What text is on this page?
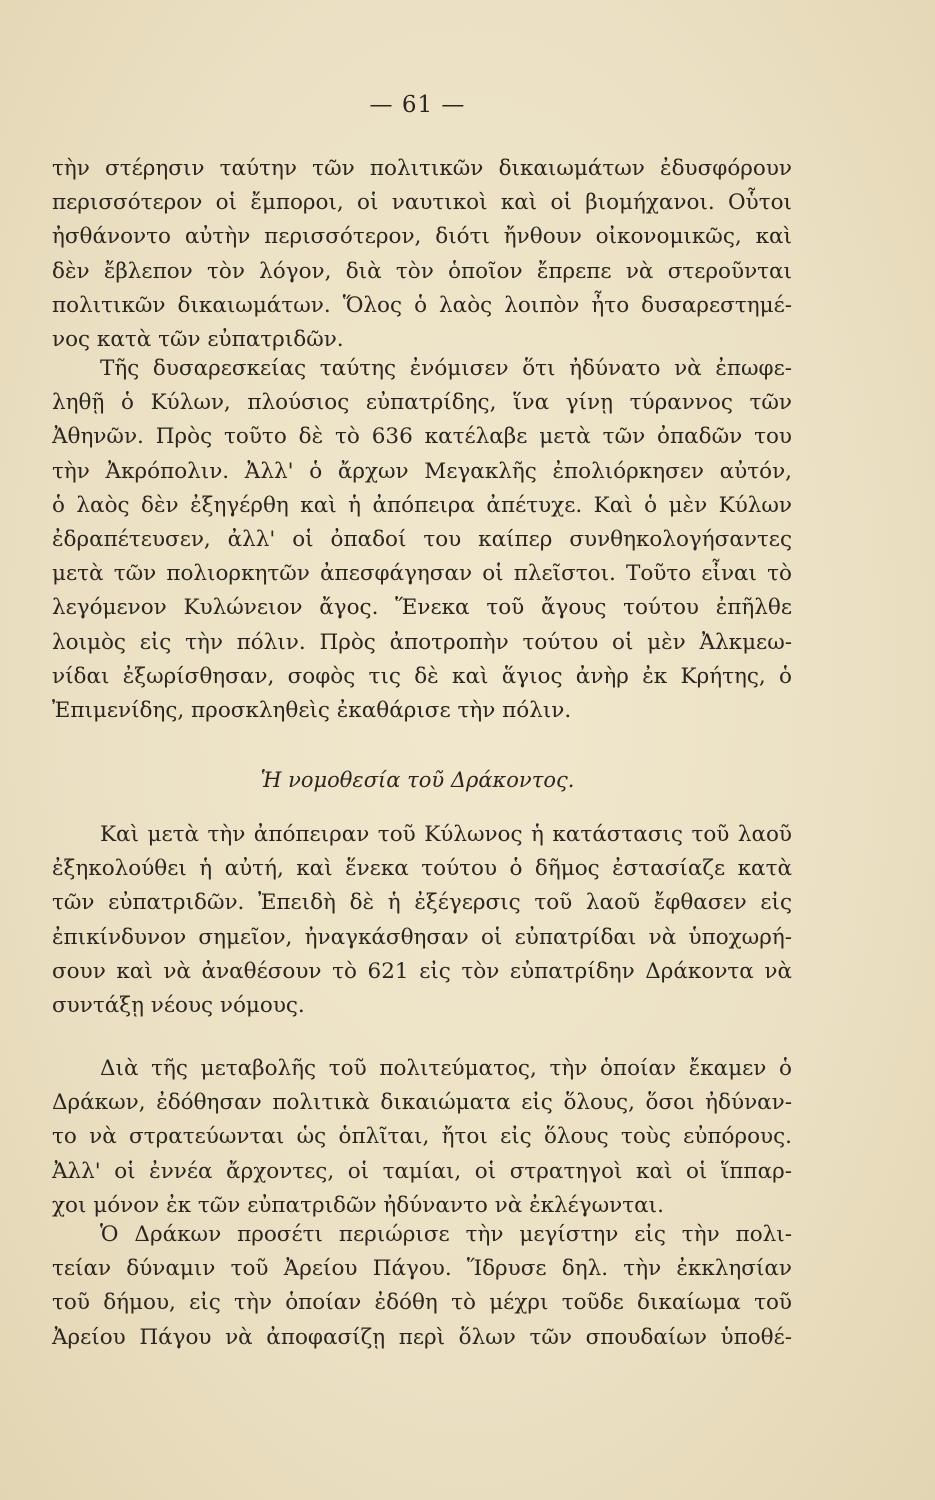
— 61 —
τὴν στέρησιν ταύτην τῶν πολιτικῶν δικαιωμάτων ἐδυσφόρουν
περισσότερον οἱ ἔμποροι, οἱ ναυτικοὶ καὶ οἱ βιομήχανοι. Οὗτοι
ἠσθάνοντο αὐτὴν περισσότερον, διότι ἤνθουν οἰκονομικῶς, καὶ
δὲν ἔβλεπον τὸν λόγον, διὰ τὸν ὁποῖον ἔπρεπε νὰ στεροῦνται
πολιτικῶν δικαιωμάτων. Ὅλος ὁ λαὸς λοιπὸν ἦτο δυσαρεστημέ-
νος κατὰ τῶν εὐπατριδῶν.
Τῆς δυσαρεσκείας ταύτης ἐνόμισεν ὅτι ἠδύνατο νὰ ἐπωφε-
ληθῇ ὁ Κύλων, πλούσιος εὐπατρίδης, ἵνα γίνῃ τύραννος τῶν
Ἀθηνῶν. Πρὸς τοῦτο δὲ τὸ 636 κατέλαβε μετὰ τῶν ὀπαδῶν του
τὴν Ἀκρόπολιν. Ἀλλ' ὁ ἄρχων Μεγακλῆς ἐπολιόρκησεν αὐτόν,
ὁ λαὸς δὲν ἐξηγέρθη καὶ ἡ ἀπόπειρα ἀπέτυχε. Καὶ ὁ μὲν Κύλων
ἐδραπέτευσεν, ἀλλ' οἱ ὀπαδοί του καίπερ συνθηκολογήσαντες
μετὰ τῶν πολιορκητῶν ἀπεσφάγησαν οἱ πλεῖστοι. Τοῦτο εἶναι τὸ
λεγόμενον Κυλώνειον ἄγος. Ἕνεκα τοῦ ἄγους τούτου ἐπῆλθε
λοιμὸς εἰς τὴν πόλιν. Πρὸς ἀποτροπὴν τούτου οἱ μὲν Ἀλκμεω-
νίδαι ἐξωρίσθησαν, σοφὸς τις δὲ καὶ ἅγιος ἀνὴρ ἐκ Κρήτης, ὁ
Ἐπιμενίδης, προσκληθεὶς ἐκαθάρισε τὴν πόλιν.
Ἡ νομοθεσία τοῦ Δράκοντος.
Καὶ μετὰ τὴν ἀπόπειραν τοῦ Κύλωνος ἡ κατάστασις τοῦ λαοῦ
ἐξηκολούθει ἡ αὐτή, καὶ ἕνεκα τούτου ὁ δῆμος ἐστασίαζε κατὰ
τῶν εὐπατριδῶν. Ἐπειδὴ δὲ ἡ ἐξέγερσις τοῦ λαοῦ ἔφθασεν εἰς
ἐπικίνδυνον σημεῖον, ἠναγκάσθησαν οἱ εὐπατρίδαι νὰ ὑποχωρή-
σουν καὶ νὰ ἀναθέσουν τὸ 621 εἰς τὸν εὐπατρίδην Δράκοντα νὰ
συντάξῃ νέους νόμους.
Διὰ τῆς μεταβολῆς τοῦ πολιτεύματος, τὴν ὁποίαν ἔκαμεν ὁ
Δράκων, ἐδόθησαν πολιτικὰ δικαιώματα εἰς ὅλους, ὅσοι ἠδύναν-
το νὰ στρατεύωνται ὡς ὁπλῖται, ἤτοι εἰς ὅλους τοὺς εὐπόρους.
Ἀλλ' οἱ ἐννέα ἄρχοντες, οἱ ταμίαι, οἱ στρατηγοὶ καὶ οἱ ἵππαρ-
χοι μόνον ἐκ τῶν εὐπατριδῶν ἠδύναντο νὰ ἐκλέγωνται.
Ὁ Δράκων προσέτι περιώρισε τὴν μεγίστην εἰς τὴν πολι-
τείαν δύναμιν τοῦ Ἀρείου Πάγου. Ἵδρυσε δηλ. τὴν ἐκκλησίαν
τοῦ δήμου, εἰς τὴν ὁποίαν ἐδόθη τὸ μέχρι τοῦδε δικαίωμα τοῦ
Ἀρείου Πάγου νὰ ἀποφασίζῃ περὶ ὅλων τῶν σπουδαίων ὑποθέ-
